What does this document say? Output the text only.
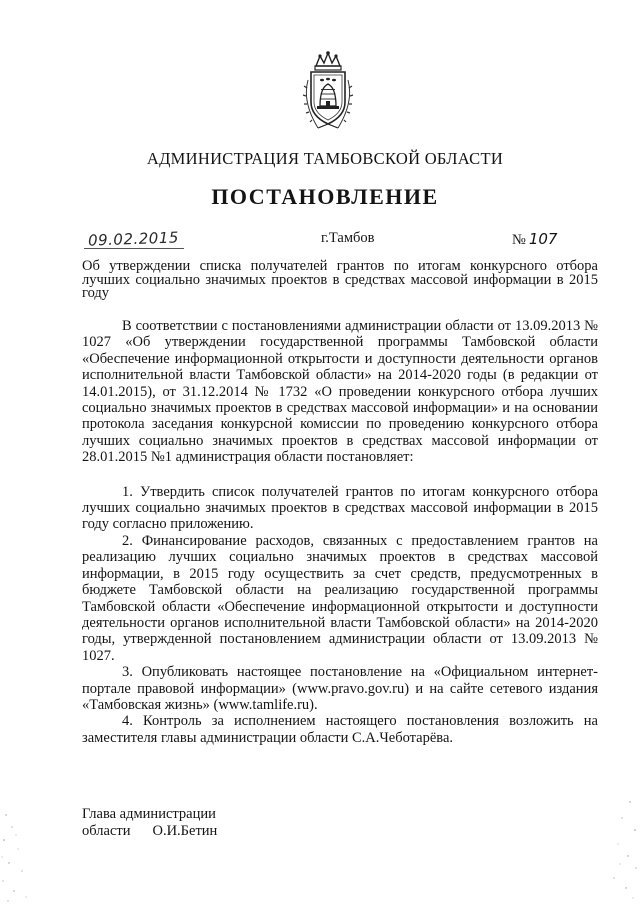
АДМИНИСТРАЦИЯ ТАМБОВСКОЙ ОБЛАСТИ
ПОСТАНОВЛЕНИЕ
09.02.2015	г.Тамбов	№ 107
Об утверждении списка получателей грантов по итогам конкурсного отбора лучших социально значимых проектов в средствах массовой информации в 2015 году

В соответствии с постановлениями администрации области от 13.09.2013 № 1027 «Об утверждении государственной программы Тамбовской области «Обеспечение информационной открытости и доступности деятельности органов исполнительной власти Тамбовской области» на 2014-2020 годы (в редакции от 14.01.2015), от 31.12.2014 № 1732 «О проведении конкурсного отбора лучших социально значимых проектов в средствах массовой информации» и на основании протокола заседания конкурсной комиссии по проведению конкурсного отбора лучших социально значимых проектов в средствах массовой информации от 28.01.2015 №1 администрация области постановляет:

1. Утвердить список получателей грантов по итогам конкурсного отбора лучших социально значимых проектов в средствах массовой информации в 2015 году согласно приложению.

2. Финансирование расходов, связанных с предоставлением грантов на реализацию лучших социально значимых проектов в средствах массовой информации, в 2015 году осуществить за счет средств, предусмотренных в бюджете Тамбовской области на реализацию государственной программы Тамбовской области «Обеспечение информационной открытости и доступности деятельности органов исполнительной власти Тамбовской области» на 2014-2020 годы, утвержденной постановлением администрации области от 13.09.2013 № 1027.

3. Опубликовать настоящее постановление на «Официальном интернет-портале правовой информации» (www.pravo.gov.ru) и на сайте сетевого издания «Тамбовская жизнь» (www.tamlife.ru).

4. Контроль за исполнением настоящего постановления возложить на заместителя главы администрации области С.А.Чеботарёва.

Глава администрации
области О.И.Бетин
